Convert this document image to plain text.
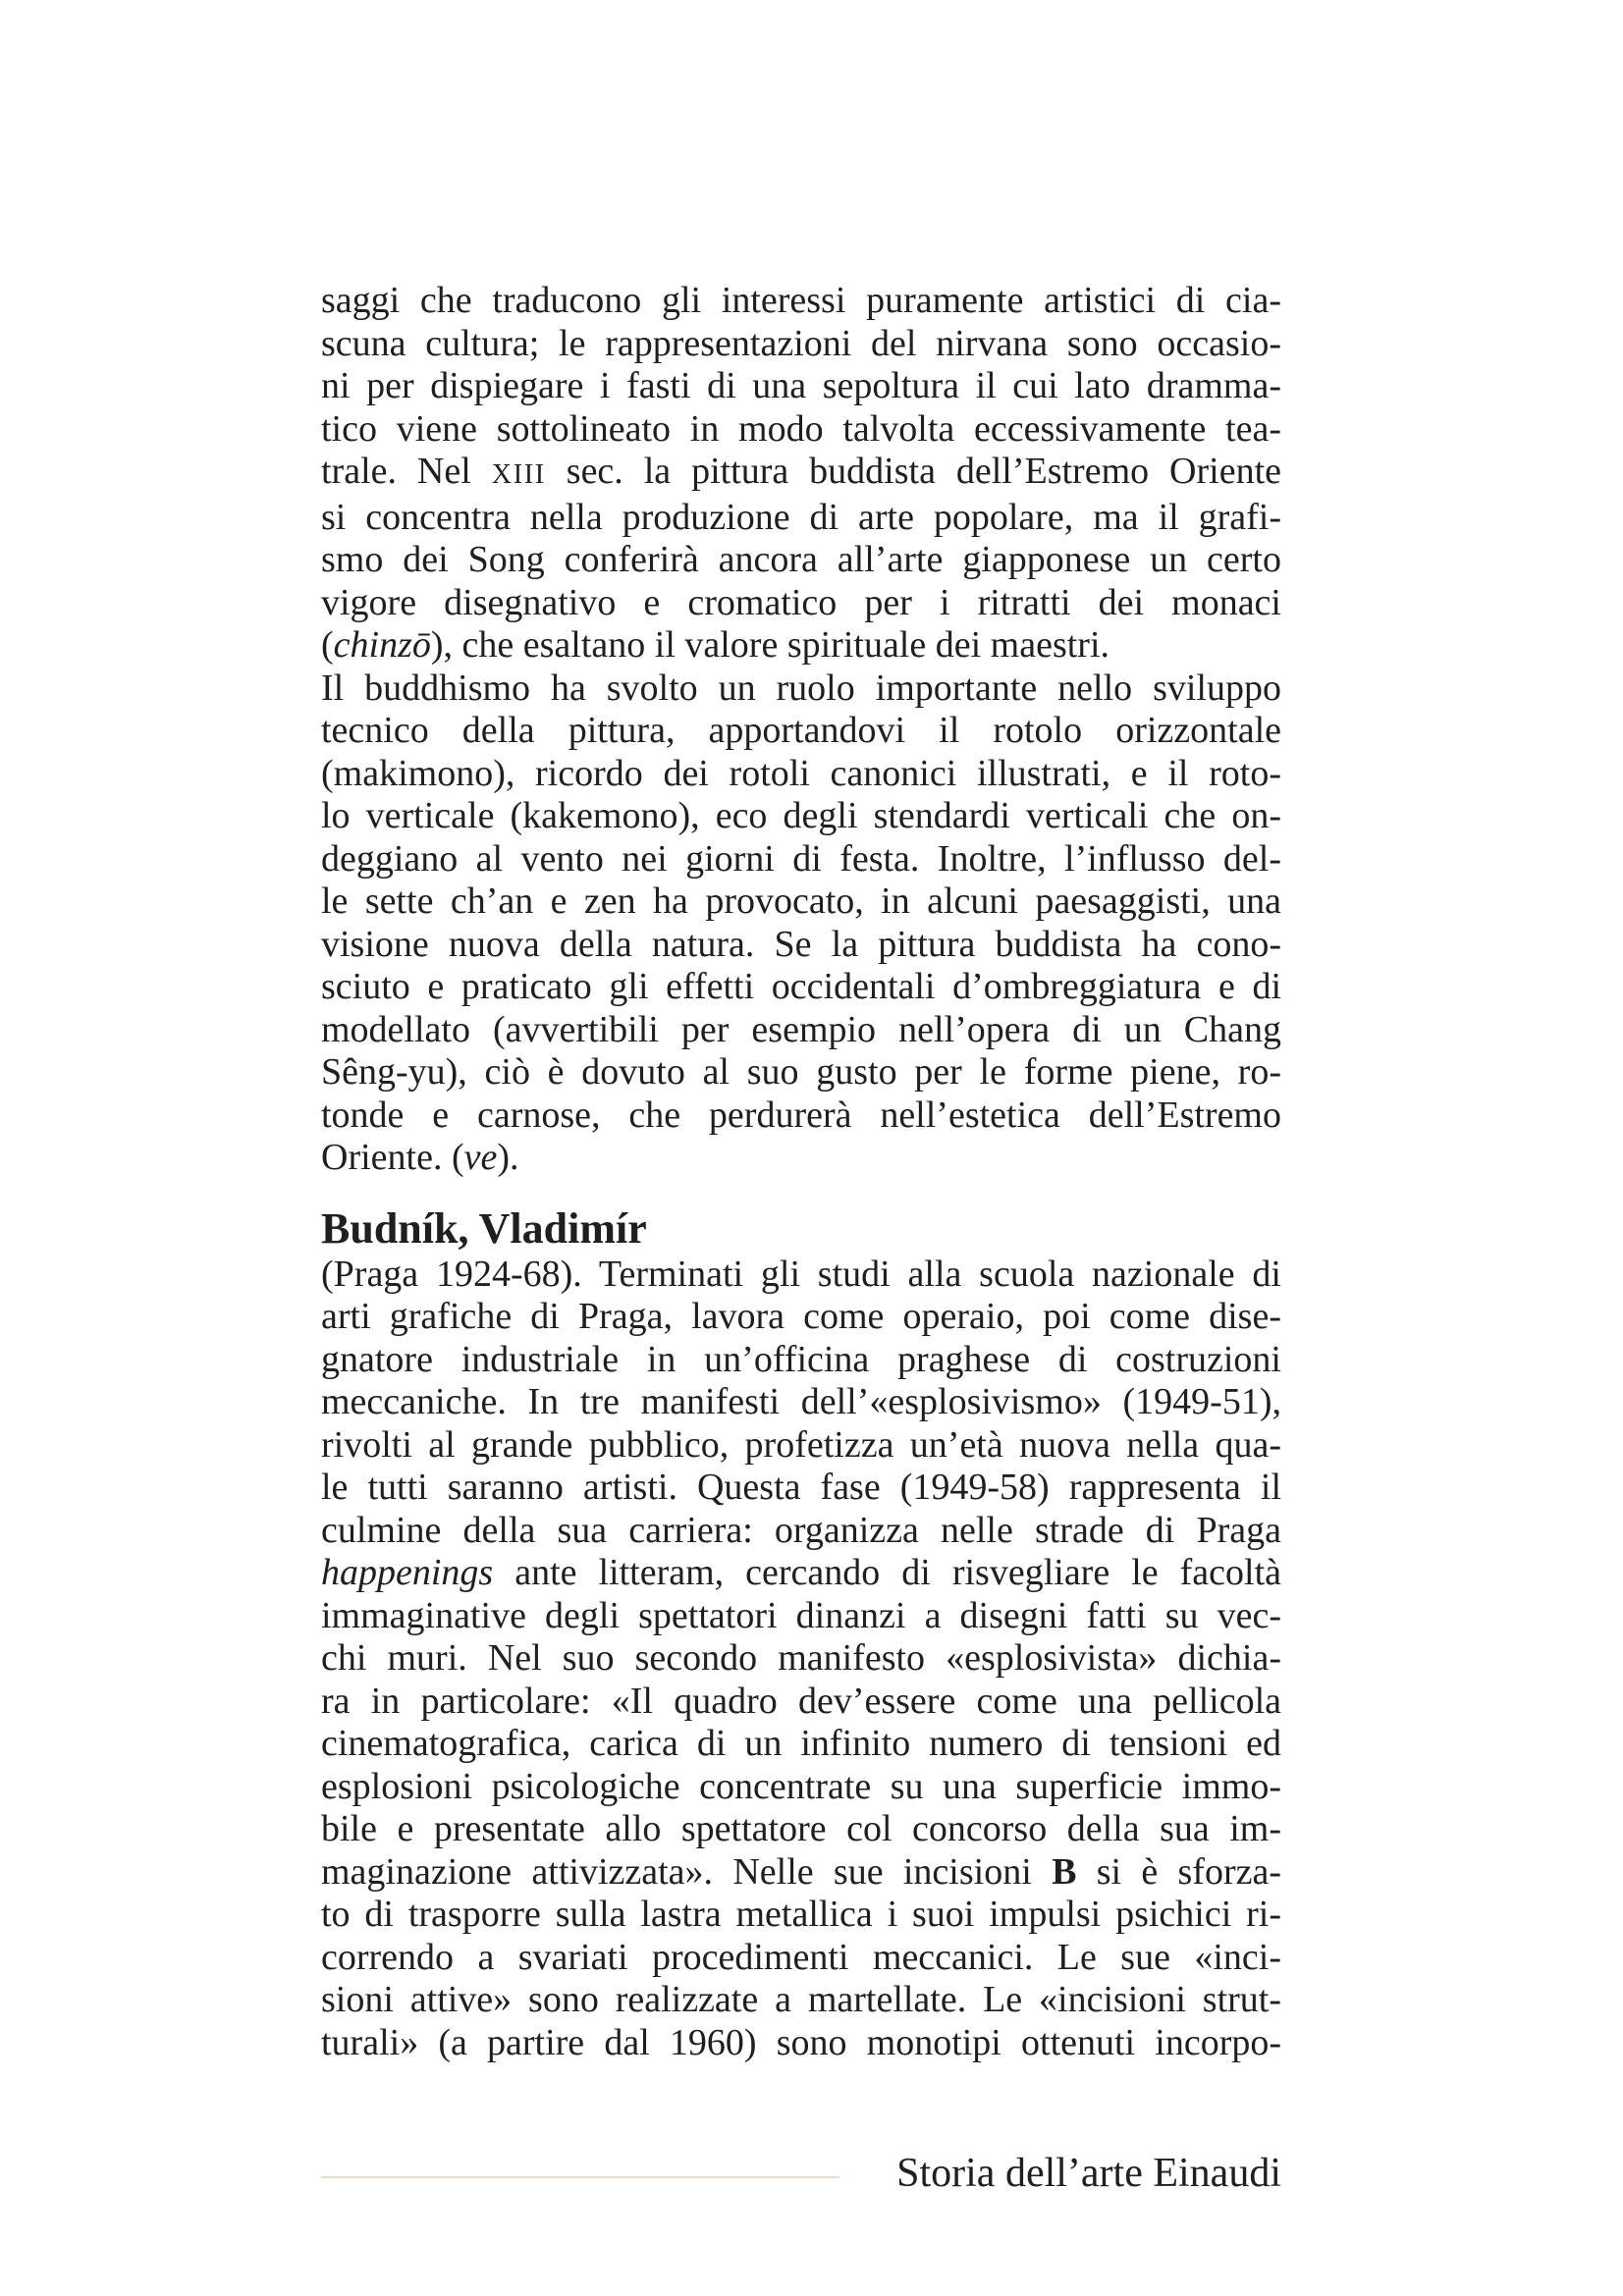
saggi che traducono gli interessi puramente artistici di cia-
scuna cultura; le rappresentazioni del nirvana sono occasio-
ni per dispiegare i fasti di una sepoltura il cui lato dramma-
tico viene sottolineato in modo talvolta eccessivamente tea-
trale. Nel XIII sec. la pittura buddista dell’Estremo Oriente
si concentra nella produzione di arte popolare, ma il grafi-
smo dei Song conferirà ancora all’arte giapponese un certo
vigore disegnativo e cromatico per i ritratti dei monaci
(chinzō), che esaltano il valore spirituale dei maestri.
Il buddhismo ha svolto un ruolo importante nello sviluppo
tecnico della pittura, apportandovi il rotolo orizzontale
(makimono), ricordo dei rotoli canonici illustrati, e il roto-
lo verticale (kakemono), eco degli stendardi verticali che on-
deggiano al vento nei giorni di festa. Inoltre, l’influsso del-
le sette ch’an e zen ha provocato, in alcuni paesaggisti, una
visione nuova della natura. Se la pittura buddista ha cono-
sciuto e praticato gli effetti occidentali d’ombreggiatura e di
modellato (avvertibili per esempio nell’opera di un Chang
Sêng-yu), ciò è dovuto al suo gusto per le forme piene, ro-
tonde e carnose, che perdurerà nell’estetica dell’Estremo
Oriente. (ve).
Budník, Vladimír
(Praga 1924-68). Terminati gli studi alla scuola nazionale di
arti grafiche di Praga, lavora come operaio, poi come dise-
gnatore industriale in un’officina praghese di costruzioni
meccaniche. In tre manifesti dell’«esplosivismo» (1949-51),
rivolti al grande pubblico, profetizza un’età nuova nella qua-
le tutti saranno artisti. Questa fase (1949-58) rappresenta il
culmine della sua carriera: organizza nelle strade di Praga
happenings ante litteram, cercando di risvegliare le facoltà
immaginative degli spettatori dinanzi a disegni fatti su vec-
chi muri. Nel suo secondo manifesto «esplosivista» dichia-
ra in particolare: «Il quadro dev’essere come una pellicola
cinematografica, carica di un infinito numero di tensioni ed
esplosioni psicologiche concentrate su una superficie immo-
bile e presentate allo spettatore col concorso della sua im-
maginazione attivizzata». Nelle sue incisioni B si è sforza-
to di trasporre sulla lastra metallica i suoi impulsi psichici ri-
correndo a svariati procedimenti meccanici. Le sue «inci-
sioni attive» sono realizzate a martellate. Le «incisioni strut-
turali» (a partire dal 1960) sono monotipi ottenuti incorpo-
Storia dell’arte Einaudi
